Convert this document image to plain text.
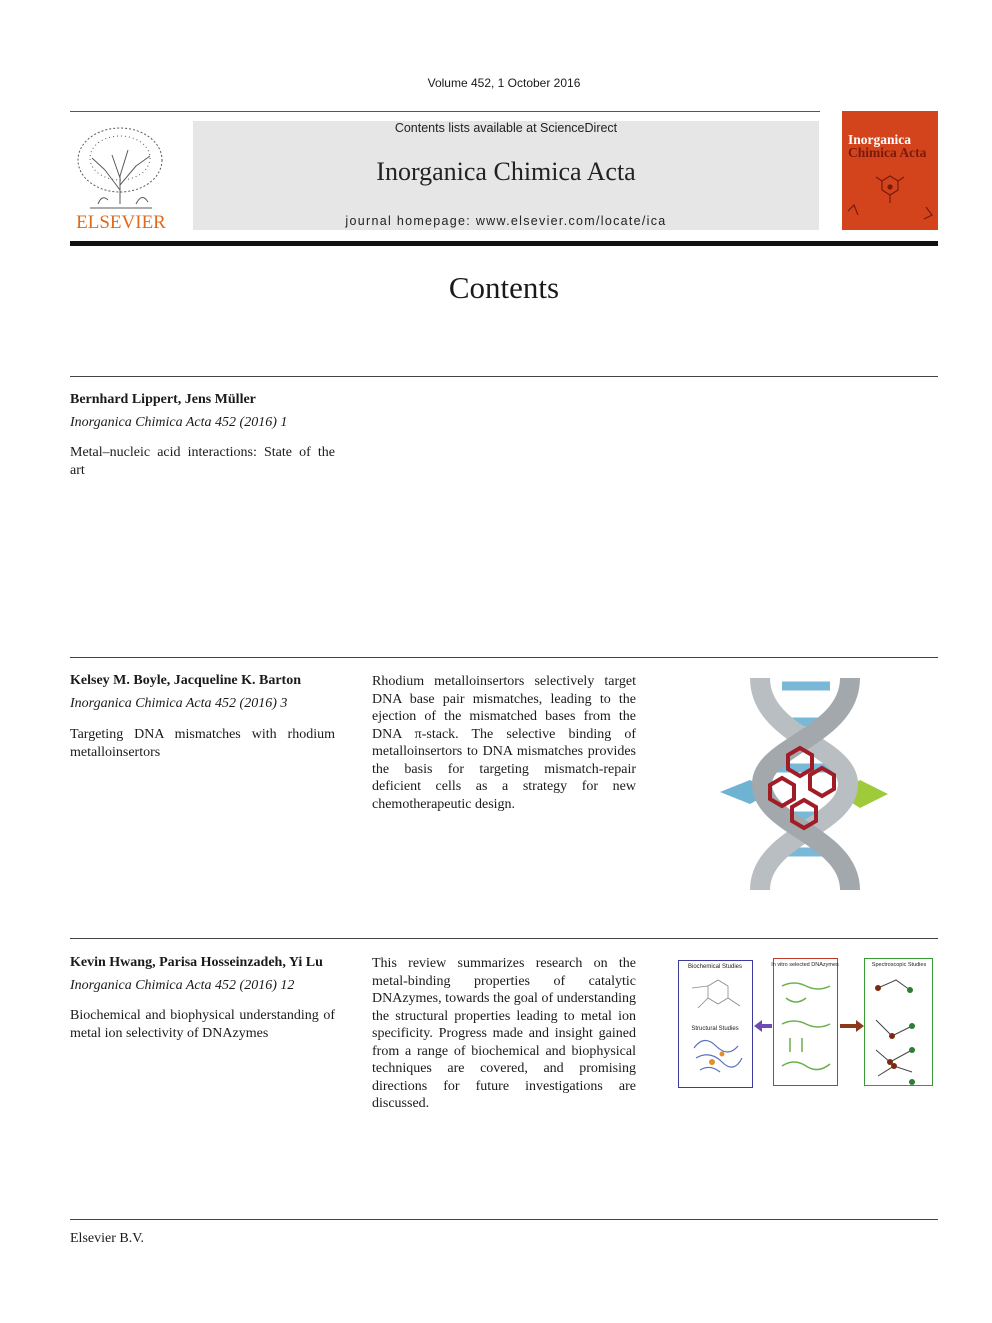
Volume 452, 1 October 2016
ELSEVIER
Contents lists available at ScienceDirect
Inorganica Chimica Acta
journal homepage: www.elsevier.com/locate/ica
Inorganica
Chimica Acta
Contents
Bernhard Lippert, Jens Müller
Inorganica Chimica Acta 452 (2016) 1
Metal–nucleic acid interactions: State of the art
Kelsey M. Boyle, Jacqueline K. Barton
Inorganica Chimica Acta 452 (2016) 3
Targeting DNA mismatches with rhodium metalloinsertors
Rhodium metalloinsertors selectively target DNA base pair mismatches, leading to the ejection of the mismatched bases from the DNA π-stack. The selective binding of metalloinsertors to DNA mismatches provides the basis for targeting mismatch-repair deficient cells as a strategy for new chemotherapeutic design.
Kevin Hwang, Parisa Hosseinzadeh, Yi Lu
Inorganica Chimica Acta 452 (2016) 12
Biochemical and biophysical understanding of metal ion selectivity of DNAzymes
This review summarizes research on the metal-binding properties of catalytic DNAzymes, towards the goal of understanding the structural properties leading to metal ion specificity. Progress made and insight gained from a range of biochemical and biophysical techniques are covered, and promising directions for future investigations are discussed.
Biochemical Studies
Structural Studies
In vitro selected DNAzymes	Spectroscopic Studies
Elsevier B.V.
